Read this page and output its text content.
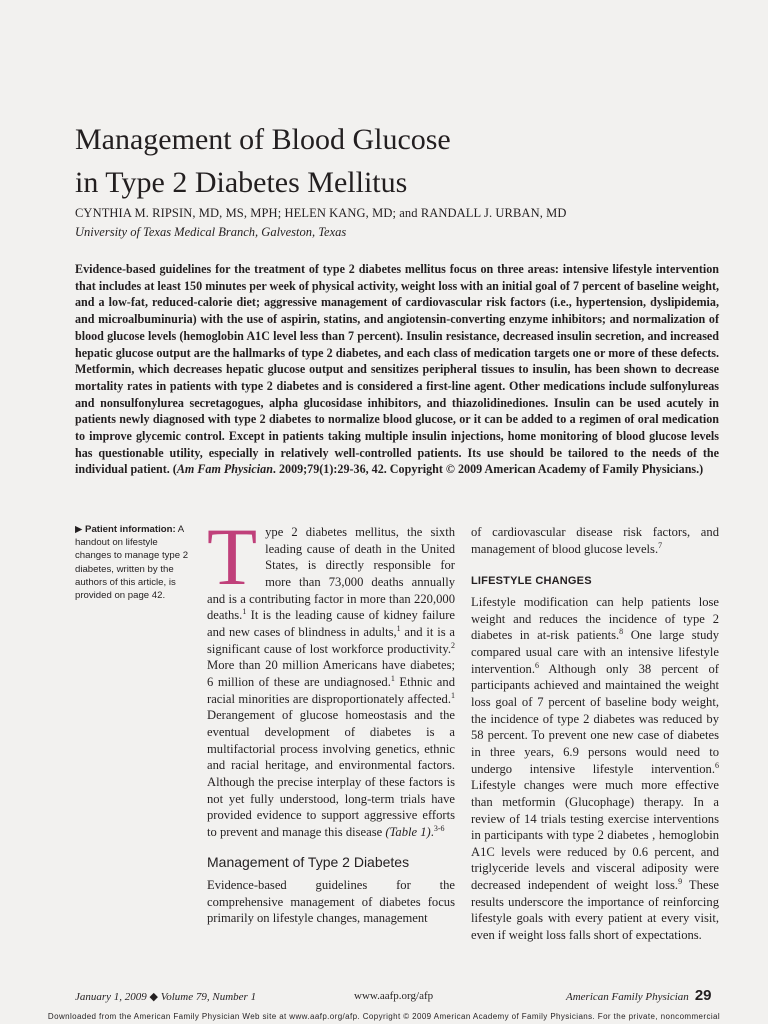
Management of Blood Glucose
in Type 2 Diabetes Mellitus
CYNTHIA M. RIPSIN, MD, MS, MPH; HELEN KANG, MD; and RANDALL J. URBAN, MD
University of Texas Medical Branch, Galveston, Texas

Evidence-based guidelines for the treatment of type 2 diabetes mellitus focus on three areas: intensive lifestyle intervention that includes at least 150 minutes per week of physical activity, weight loss with an initial goal of 7 percent of baseline weight, and a low-fat, reduced-calorie diet; aggressive management of cardiovascular risk factors (i.e., hypertension, dyslipidemia, and microalbuminuria) with the use of aspirin, statins, and angiotensin-converting enzyme inhibitors; and normalization of blood glucose levels (hemoglobin A1C level less than 7 percent). Insulin resistance, decreased insulin secretion, and increased hepatic glucose output are the hallmarks of type 2 diabetes, and each class of medication targets one or more of these defects. Metformin, which decreases hepatic glucose output and sensitizes peripheral tissues to insulin, has been shown to decrease mortality rates in patients with type 2 diabetes and is considered a first-line agent. Other medications include sulfonylureas and nonsulfonylurea secretagogues, alpha glucosidase inhibitors, and thiazolidinediones. Insulin can be used acutely in patients newly diagnosed with type 2 diabetes to normalize blood glucose, or it can be added to a regimen of oral medication to improve glycemic control. Except in patients taking multiple insulin injections, home monitoring of blood glucose levels has questionable utility, especially in relatively well-controlled patients. Its use should be tailored to the needs of the individual patient. (Am Fam Physician. 2009;79(1):29-36, 42. Copyright © 2009 American Academy of Family Physicians.)

▶ Patient information: A handout on lifestyle changes to manage type 2 diabetes, written by the authors of this article, is provided on page 42. Type 2 diabetes mellitus, the sixth leading cause of death in the United States, is directly responsible for more than 73,000 deaths annually and is a contributing factor in more than 220,000 deaths.$^1$ It is the leading cause of kidney failure and new cases of blindness in adults,$^1$ and it is a significant cause of lost workforce productivity.$^2$ More than 20 million Americans have diabetes; 6 million of these are undiagnosed.$^1$ Ethnic and racial minorities are disproportionately affected.$^1$ Derangement of glucose homeostasis and the eventual development of diabetes is a multifactorial process involving genetics, ethnic and racial heritage, and environmental factors. Although the precise interplay of these factors is not yet fully understood, long-term trials have provided evidence to support aggressive efforts to prevent and manage this disease (Table 1).$^{3-6}$

Management of Type 2 Diabetes

Evidence-based guidelines for the comprehensive management of diabetes focus primarily on lifestyle changes, management

of cardiovascular disease risk factors, and management of blood glucose levels.$^7$

LIFESTYLE CHANGES

Lifestyle modification can help patients lose weight and reduces the incidence of type 2 diabetes in at-risk patients.$^8$ One large study compared usual care with an intensive lifestyle intervention.$^6$ Although only 38 percent of participants achieved and maintained the weight loss goal of 7 percent of baseline body weight, the incidence of type 2 diabetes was reduced by 58 percent. To prevent one new case of diabetes in three years, 6.9 persons would need to undergo intensive lifestyle intervention.$^6$ Lifestyle changes were much more effective than metformin (Glucophage) therapy. In a review of 14 trials testing exercise interventions in participants with type 2 diabetes , hemoglobin A1C levels were reduced by 0.6 percent, and triglyceride levels and visceral adiposity were decreased independent of weight loss.$^9$ These results underscore the importance of reinforcing lifestyle goals with every patient at every visit, even if weight loss falls short of expectations.

January 1, 2009 ◆ Volume 79, Number 1	www.aafp.org/afp	American Family Physician 29
Downloaded from the American Family Physician Web site at www.aafp.org/afp. Copyright © 2009 American Academy of Family Physicians. For the private, noncommercial
